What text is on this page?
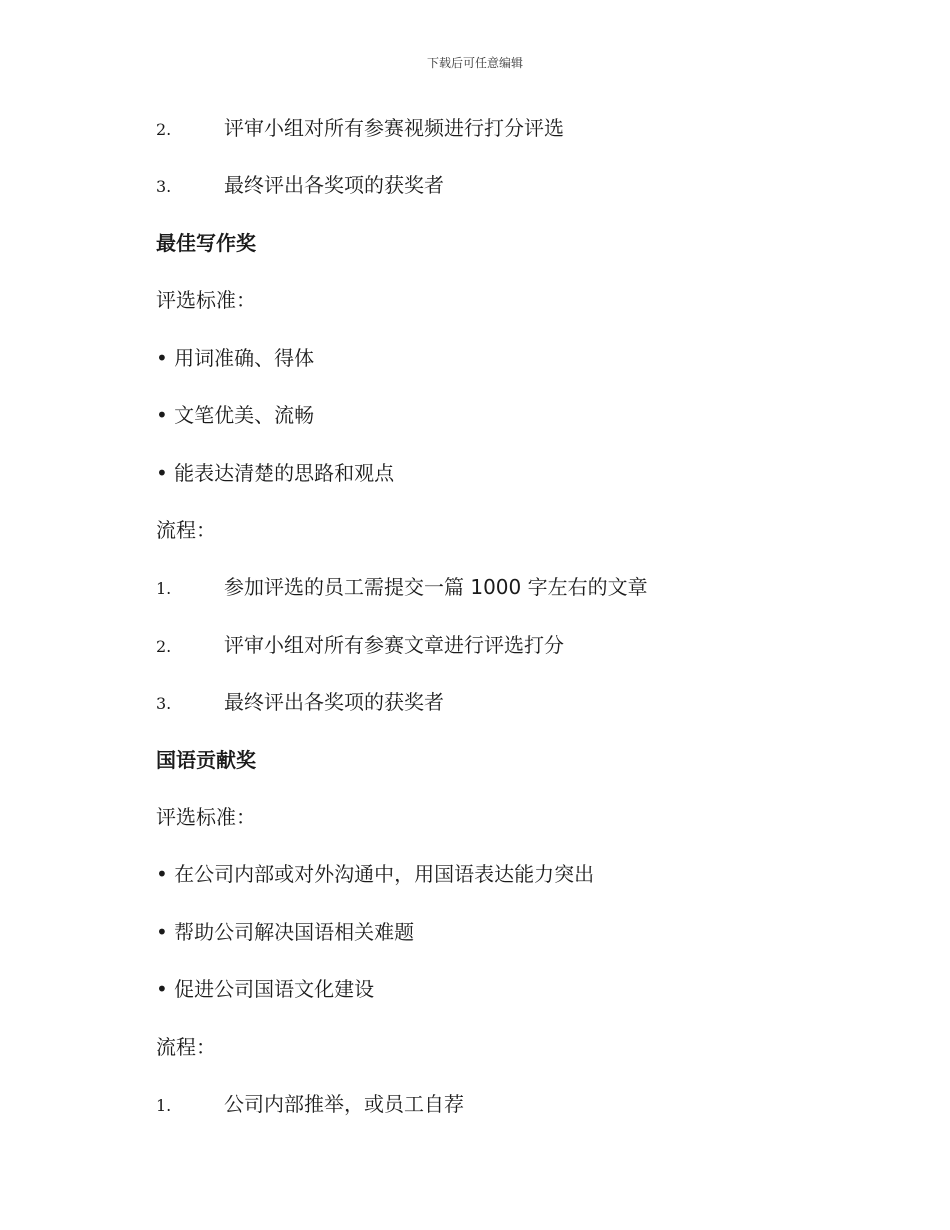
下载后可任意编辑
2.	评审小组对所有参赛视频进行打分评选
3.	最终评出各奖项的获奖者
最佳写作奖
评选标准：
• 用词准确、得体
• 文笔优美、流畅
• 能表达清楚的思路和观点
流程：
1.	参加评选的员工需提交一篇 1000 字左右的文章
2.	评审小组对所有参赛文章进行评选打分
3.	最终评出各奖项的获奖者
国语贡献奖
评选标准：
• 在公司内部或对外沟通中，用国语表达能力突出
• 帮助公司解决国语相关难题
• 促进公司国语文化建设
流程：
1.	公司内部推举，或员工自荐
